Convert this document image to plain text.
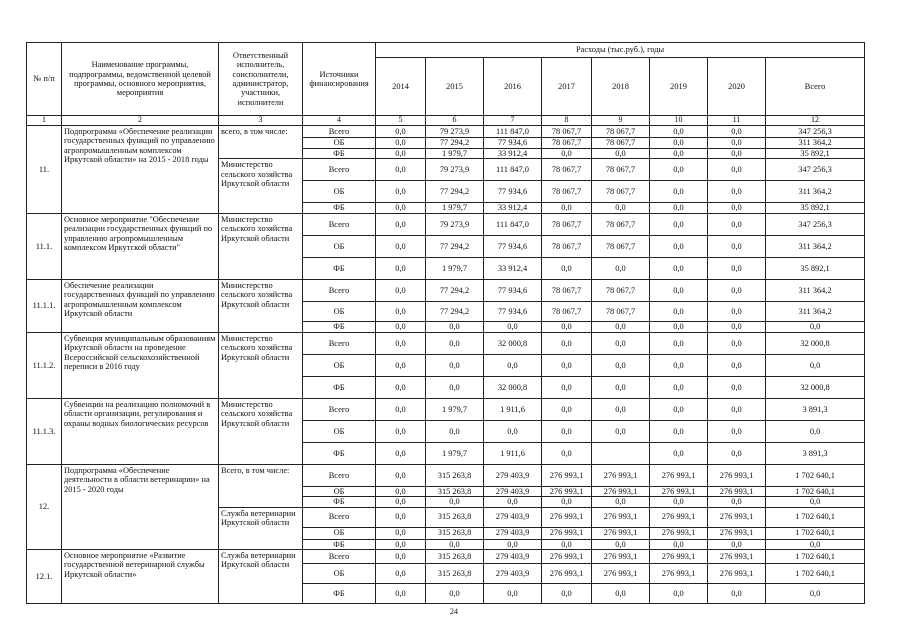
№ п/п	Наименование программы, подпрограммы, ведомственной целевой программы, основного мероприятия, мероприятия	Ответственный исполнитель, соисполнители, администратор, участники, исполнители	Источники финансирования	Расходы (тыс.руб.), годы							
				2014	2015	2016	2017	2018	2019	2020	Всего
1	2	3	4	5	6	7	8	9	10	11	12
11.	Подпрограмма «Обеспечение реализации государственных функций по управлению агропромышленным комплексом Иркутской области» на 2015 - 2018 годы	всего, в том числе:	Всего	0,0	79 273,9	111 847,0	78 067,7	78 067,7	0,0	0,0	347 256,3
			ОБ	0,0	77 294,2	77 934,6	78 067,7	78 067,7	0,0	0,0	311 364,2
			ФБ	0,0	1 979,7	33 912,4	0,0	0,0	0,0	0,0	35 892,1
		Министерство сельского хозяйства Иркутской области	Всего	0,0	79 273,9	111 847,0	78 067,7	78 067,7	0,0	0,0	347 256,3
			ОБ	0,0	77 294,2	77 934,6	78 067,7	78 067,7	0,0	0,0	311 364,2
			ФБ	0,0	1 979,7	33 912,4	0,0	0,0	0,0	0,0	35 892,1
11.1.	Основное мероприятие "Обеспечение реализации государственных функций по управлению агропромышленным комплексом Иркутской области"	Министерство сельского хозяйства Иркутской области	Всего	0,0	79 273,9	111 847,0	78 067,7	78 067,7	0,0	0,0	347 256,3
			ОБ	0,0	77 294,2	77 934,6	78 067,7	78 067,7	0,0	0,0	311 364,2
			ФБ	0,0	1 979,7	33 912,4	0,0	0,0	0,0	0,0	35 892,1
11.1.1.	Обеспечение реализации государственных функций по управлению агропромышленным комплексом Иркутской области	Министерство сельского хозяйства Иркутской области	Всего	0,0	77 294,2	77 934,6	78 067,7	78 067,7	0,0	0,0	311 364,2
			ОБ	0,0	77 294,2	77 934,6	78 067,7	78 067,7	0,0	0,0	311 364,2
			ФБ	0,0	0,0	0,0	0,0	0,0	0,0	0,0	0,0
11.1.2.	Субвенция муниципальным образованиям Иркутской области на проведение Всероссийской сельскохозяйственной переписи в 2016 году	Министерство сельского хозяйства Иркутской области	Всего	0,0	0,0	32 000,8	0,0	0,0	0,0	0,0	32 000,8
			ОБ	0,0	0,0	0,0	0,0	0,0	0,0	0,0	0,0
			ФБ	0,0	0,0	32 000,8	0,0	0,0	0,0	0,0	32 000,8
11.1.3.	Субвенции на реализацию полномочий в области организации, регулирования и охраны водных биологических ресурсов	Министерство сельского хозяйства Иркутской области	Всего	0,0	1 979,7	1 911,6	0,0	0,0	0,0	0,0	3 891,3
			ОБ	0,0	0,0	0,0	0,0	0,0	0,0	0,0	0,0
			ФБ	0,0	1 979,7	1 911,6	0,0		0,0	0,0	3 891,3
12.	Подпрограмма «Обеспечение деятельности в области ветеринарии» на 2015 - 2020 годы	Всего, в том числе:	Всего	0,0	315 263,8	279 403,9	276 993,1	276 993,1	276 993,1	276 993,1	1 702 640,1
			ОБ	0,0	315 263,8	279 403,9	276 993,1	276 993,1	276 993,1	276 993,1	1 702 640,1
			ФБ	0,0	0,0	0,0	0,0	0,0	0,0	0,0	0,0
		Служба ветеринарии Иркутской области	Всего	0,0	315 263,8	279 403,9	276 993,1	276 993,1	276 993,1	276 993,1	1 702 640,1
			ОБ	0,0	315 263,8	279 403,9	276 993,1	276 993,1	276 993,1	276 993,1	1 702 640,1
			ФБ	0,0	0,0	0,0	0,0	0,0	0,0	0,0	0,0
12.1.	Основное мероприятие «Развитие государственной ветеринарной службы Иркутской области»	Служба ветеринарии Иркутской области	Всего	0,0	315 263,8	279 403,9	276 993,1	276 993,1	276 993,1	276 993,1	1 702 640,1
			ОБ	0,0	315 263,8	279 403,9	276 993,1	276 993,1	276 993,1	276 993,1	1 702 640,1
			ФБ	0,0	0,0	0,0	0,0	0,0	0,0	0,0	0,0
24
